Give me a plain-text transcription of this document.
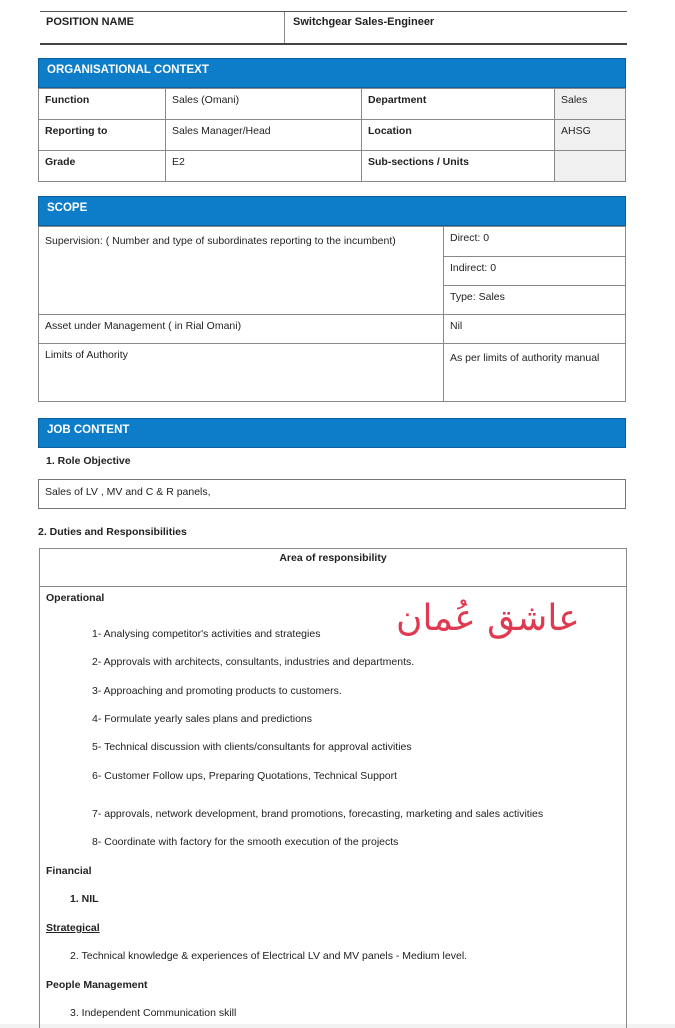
POSITION NAME	Switchgear Sales-Engineer
ORGANISATIONAL CONTEXT
Function	Sales (Omani)	Department	Sales
Reporting to	Sales Manager/Head	Location	AHSG
Grade	E2	Sub-sections / Units	
SCOPE
Supervision: ( Number and type of subordinates reporting to the incumbent)	Direct: 0
	Indirect: 0
	Type: Sales
Asset under Management ( in Rial Omani)	Nil
Limits of Authority	As per limits of authority manual
JOB CONTENT
1. Role Objective
Sales of LV , MV and C & R panels,
2. Duties and Responsibilities
Area of responsibility
Operational
1- Analysing competitor's activities and strategies
2- Approvals with architects, consultants, industries and departments.
3- Approaching and promoting products to customers.
4- Formulate yearly sales plans and predictions
5- Technical discussion with clients/consultants for approval activities
6- Customer Follow ups, Preparing Quotations, Technical Support
7- approvals, network development, brand promotions, forecasting, marketing and sales activities
8- Coordinate with factory for the smooth execution of the projects
Financial
1. NIL
Strategical
2. Technical knowledge & experiences of Electrical LV and MV panels - Medium level.
People Management
3. Independent Communication skill
عاشق عُمان
